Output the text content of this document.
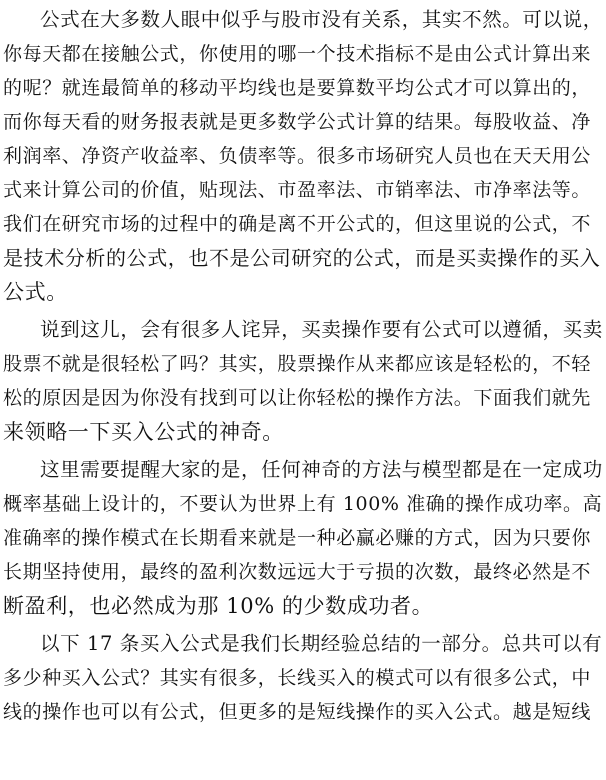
公式在大多数人眼中似乎与股市没有关系，其实不然。可以说，
你每天都在接触公式，你使用的哪一个技术指标不是由公式计算出来
的呢？就连最简单的移动平均线也是要算数平均公式才可以算出的，
而你每天看的财务报表就是更多数学公式计算的结果。每股收益、净
利润率、净资产收益率、负债率等。很多市场研究人员也在天天用公
式来计算公司的价值，贴现法、市盈率法、市销率法、市净率法等。
我们在研究市场的过程中的确是离不开公式的，但这里说的公式，不
是技术分析的公式，也不是公司研究的公式，而是买卖操作的买入
公式。
说到这儿，会有很多人诧异，买卖操作要有公式可以遵循，买卖
股票不就是很轻松了吗？其实，股票操作从来都应该是轻松的，不轻
松的原因是因为你没有找到可以让你轻松的操作方法。下面我们就先
来领略一下买入公式的神奇。
这里需要提醒大家的是，任何神奇的方法与模型都是在一定成功
概率基础上设计的，不要认为世界上有 100% 准确的操作成功率。高
准确率的操作模式在长期看来就是一种必赢必赚的方式，因为只要你
长期坚持使用，最终的盈利次数远远大于亏损的次数，最终必然是不
断盈利，也必然成为那 10% 的少数成功者。
以下 17 条买入公式是我们长期经验总结的一部分。总共可以有
多少种买入公式？其实有很多，长线买入的模式可以有很多公式，中
线的操作也可以有公式，但更多的是短线操作的买入公式。越是短线
